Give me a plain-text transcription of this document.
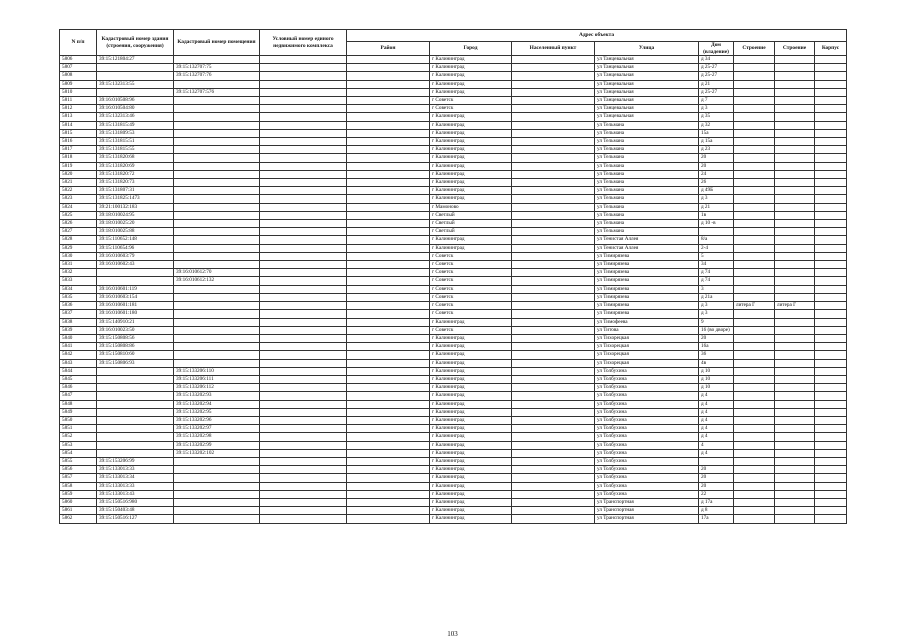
N п/п	Кадастровый номер здания (строения, сооружения)	Кадастровый номер помещения	Условный номер единого недвижимого комплекса	Адрес объекта							
				Район	Город	Населенный пункт	Улица	Дом (владение)	Строение	Строение	Корпус
5806	39:15:121804:27				г Калининград		ул Танцевальная	д 34			
5807		39:15:132707:75			г Калининград		ул Танцевальная	д 25-27			
5808		39:15:132707:76			г Калининград		ул Танцевальная	д 25-27			
5809	39:15:132313:55				г Калининград		ул Танцевальная	д 21			
5810		39:15:132707:576			г Калининград		ул Танцевальная	д 25-27			
5811	39:16:010508:96				г Советск		ул Танцевальная	д 7			
5812	39:16:010504:80				г Советск		ул Танцевальная	д 3			
5813	39:15:132313:46				г Калининград		ул Танцевальная	д 35			
5814	39:15:131815:49				г Калининград		ул Тельмана	д 32			
5815	39:15:131809:53				г Калининград		ул Тельмана	15а			
5816	39:15:131815:51				г Калининград		ул Тельмана	д 15а			
5817	39:15:131815:55				г Калининград		ул Тельмана	д 23			
5818	39:15:131820:68				г Калининград		ул Тельмана	20			
5819	39:15:131820:69				г Калининград		ул Тельмана	20			
5820	39:15:131820:72				г Калининград		ул Тельмана	24			
5821	39:15:131820:73				г Калининград		ул Тельмана	26			
5822	39:15:131807:31				г Калининград		ул Тельмана	д 49Б			
5823	39:15:131825:1473				г Калининград		ул Тельмана	д 3			
5824	39:21:100132:183				г Мамоново		ул Тельмана	д 21			
5825	39:18:010024:95				г Светлый		ул Тельмана	1в			
5826	39:18:010025:20				г Светлый		ул Тельмана	д 10 -в			
5827	39:18:010025:88				г Светлый		ул Тельмана				
5828	39:15:110652:148				г Калининград		ул Тенистая Аллея	8/а			
5829	39:15:110654:96				г Калининград		ул Тенистая Аллея	2-4			
5830	39:16:010603:79				г Советск		ул Тимирязева	5			
5831	39:16:010602:43				г Советск		ул Тимирязева	34			
5832		39:16:010612:70			г Советск		ул Тимирязева	д 74			
5833		39:16:010612:132			г Советск		ул Тимирязева	д 74			
5834	39:16:010601:119				г Советск		ул Тимирязева	3			
5835	39:16:010603:154				г Советск		ул Тимирязева	д 21а			
5836	39:16:010601:181				г Советск		ул Тимирязева	д 3	литера Г	литера Г	
5837	39:16:010601:180				г Советск		ул Тимирязева	д 3			
5838	39:15:140910:21				г Калининград		ул Тимофеева	9			
5839	39:16:010023:50				г Советск		ул Титова	16 (во дворе)			
5840	39:15:150808:56				г Калининград		ул Тихорецкая	20			
5841	39:15:150808:86				г Калининград		ул Тихорецкая	16а			
5842	39:15:150810:60				г Калининград		ул Тихорецкая	36			
5843	39:15:150806:93				г Калининград		ул Тихорецкая	4в			
5844		39:15:133206:110			г Калининград		ул Толбухина	д 10			
5845		39:15:133206:111			г Калининград		ул Толбухина	д 10			
5846		39:15:133206:112			г Калининград		ул Толбухина	д 10			
5847		39:15:133202:93			г Калининград		ул Толбухина	д 4			
5848		39:15:133202:94			г Калининград		ул Толбухина	д 4			
5849		39:15:133202:95			г Калининград		ул Толбухина	д 4			
5850		39:15:133202:96			г Калининград		ул Толбухина	д 4			
5851		39:15:133202:97			г Калининград		ул Толбухина	д 4			
5852		39:15:133202:98			г Калининград		ул Толбухина	д 4			
5853		39:15:133202:99			г Калининград		ул Толбухина	4			
5854		39:15:133202:102			г Калининград		ул Толбухина	д 4			
5855	39:15:153206:99				г Калининград		ул Толбухина				
5856	39:15:133013:33				г Калининград		ул Толбухина	20			
5857	39:15:133013:34				г Калининград		ул Толбухина	20			
5858	39:15:133013:33				г Калининград		ул Толбухина	20			
5859	39:15:133013:43				г Калининград		ул Толбухина	22			
5860	39:15:150516:980				г Калининград		ул Транспортная	д 17а			
5861	39:15:150403:48				г Калининград		ул Транспортная	д 8			
5862	39:15:150516:127				г Калининград		ул Транспортная	17а			
103
